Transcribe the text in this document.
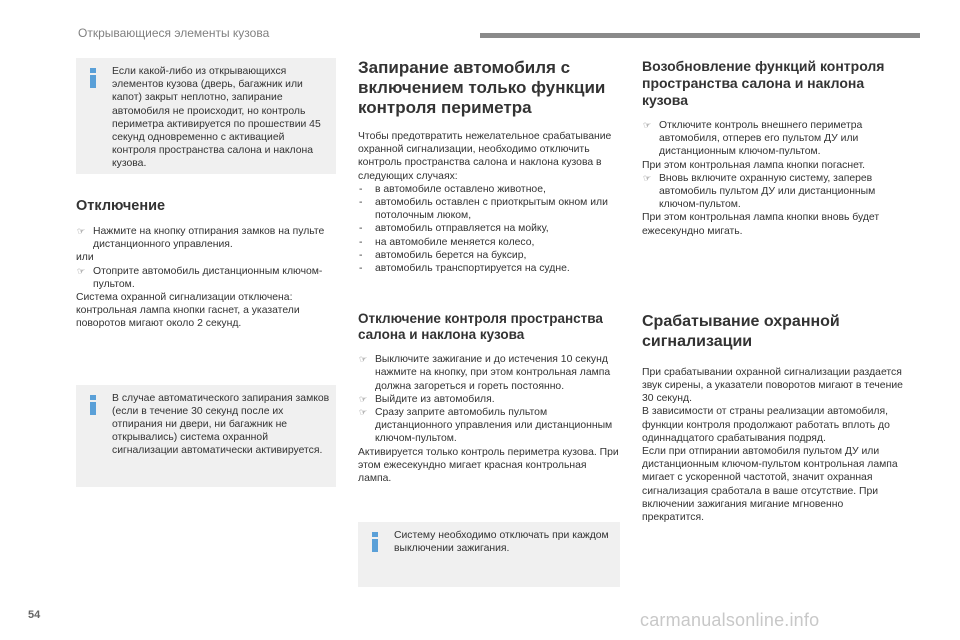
Открывающиеся элементы кузова
Если какой-либо из открывающихся элементов кузова (дверь, багажник или капот) закрыт неплотно, запирание автомобиля не происходит, но контроль периметра активируется по прошествии 45 секунд одновременно с активацией контроля пространства салона и наклона кузова.
Отключение
☞ Нажмите на кнопку отпирания замков на пульте дистанционного управления.
или
☞ Отоприте автомобиль дистанционным ключом-пультом.
Система охранной сигнализации отключена: контрольная лампа кнопки гаснет, а указатели поворотов мигают около 2 секунд.
В случае автоматического запирания замков (если в течение 30 секунд после их отпирания ни двери, ни багажник не открывались) система охранной сигнализации автоматически активируется.
Запирание автомобиля с включением только функции контроля периметра
Чтобы предотвратить нежелательное срабатывание охранной сигнализации, необходимо отключить контроль пространства салона и наклона кузова в следующих случаях:
- в автомобиле оставлено животное,
- автомобиль оставлен с приоткрытым окном или потолочным люком,
- автомобиль отправляется на мойку,
- на автомобиле меняется колесо,
- автомобиль берется на буксир,
- автомобиль транспортируется на судне.
Отключение контроля пространства салона и наклона кузова
☞ Выключите зажигание и до истечения 10 секунд нажмите на кнопку, при этом контрольная лампа должна загореться и гореть постоянно.
☞ Выйдите из автомобиля.
☞ Сразу заприте автомобиль пультом дистанционного управления или дистанционным ключом-пультом.
Активируется только контроль периметра кузова. При этом ежесекундно мигает красная контрольная лампа.
Систему необходимо отключать при каждом выключении зажигания.
Возобновление функций контроля пространства салона и наклона кузова
☞ Отключите контроль внешнего периметра автомобиля, отперев его пультом ДУ или дистанционным ключом-пультом.
При этом контрольная лампа кнопки погаснет.
☞ Вновь включите охранную систему, заперев автомобиль пультом ДУ или дистанционным ключом-пультом.
При этом контрольная лампа кнопки вновь будет ежесекундно мигать.
Срабатывание охранной сигнализации
При срабатывании охранной сигнализации раздается звук сирены, а указатели поворотов мигают в течение 30 секунд.
В зависимости от страны реализации автомобиля, функции контроля продолжают работать вплоть до одиннадцатого срабатывания подряд.
Если при отпирании автомобиля пультом ДУ или дистанционным ключом-пультом контрольная лампа мигает с ускоренной частотой, значит охранная сигнализация сработала в ваше отсутствие. При включении зажигания мигание мгновенно прекратится.
54	carmanualsonline.info
